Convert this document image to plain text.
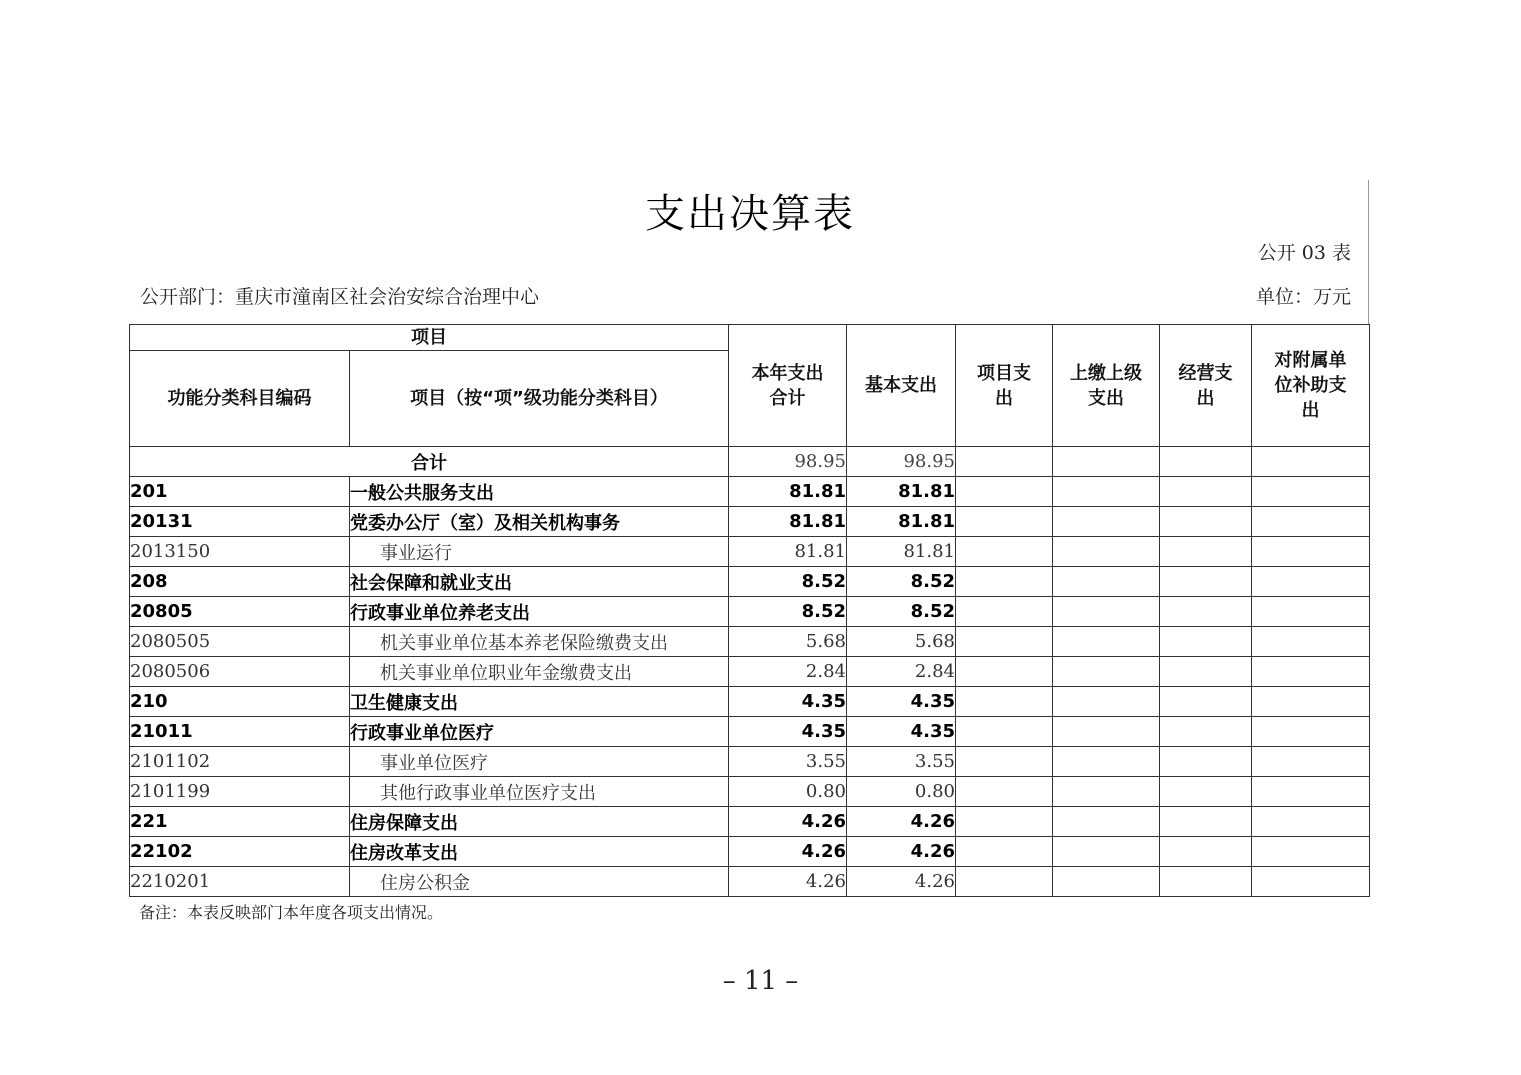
支出决算表
公开 03 表
公开部门：重庆市潼南区社会治安综合治理中心	单位：万元
项目		本年支出合计	基本支出	项目支出	上缴上级支出	经营支出	对附属单位补助支出
功能分类科目编码	项目（按“项”级功能分类科目）						
合计		98.95	98.95				
201	一般公共服务支出	81.81	81.81				
20131	党委办公厅（室）及相关机构事务	81.81	81.81				
2013150	事业运行	81.81	81.81				
208	社会保障和就业支出	8.52	8.52				
20805	行政事业单位养老支出	8.52	8.52				
2080505	机关事业单位基本养老保险缴费支出	5.68	5.68				
2080506	机关事业单位职业年金缴费支出	2.84	2.84				
210	卫生健康支出	4.35	4.35				
21011	行政事业单位医疗	4.35	4.35				
2101102	事业单位医疗	3.55	3.55				
2101199	其他行政事业单位医疗支出	0.80	0.80				
221	住房保障支出	4.26	4.26				
22102	住房改革支出	4.26	4.26				
2210201	住房公积金	4.26	4.26				
备注：本表反映部门本年度各项支出情况。
– 11 –
